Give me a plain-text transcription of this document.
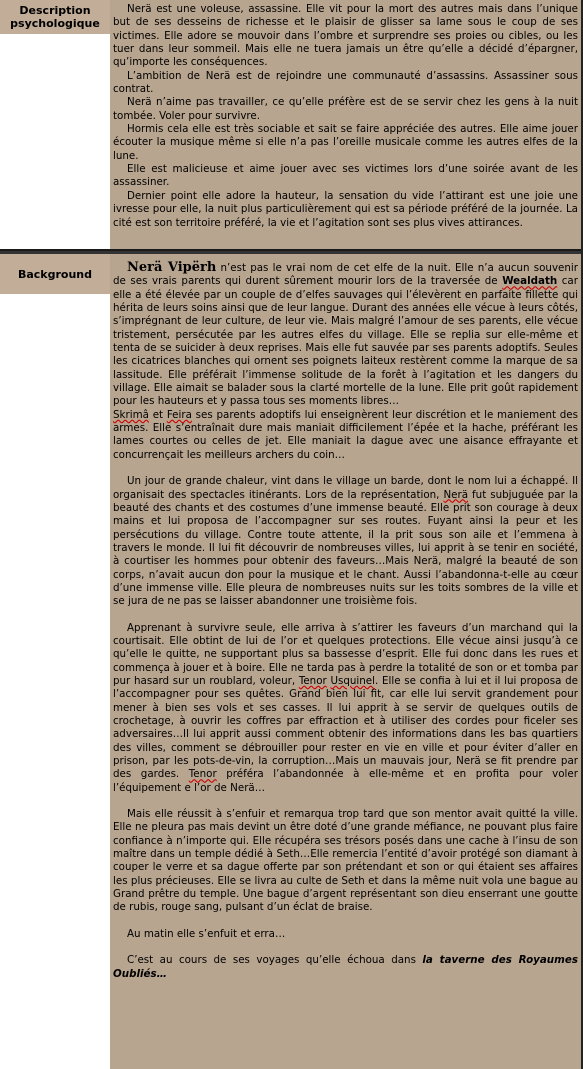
Description
psychologique

Nerä est une voleuse, assassine. Elle vit pour la mort des autres mais dans l’unique but de ses desseins de richesse et le plaisir de glisser sa lame sous le coup de ses victimes. Elle adore se mouvoir dans l’ombre et surprendre ses proies ou cibles, ou les tuer dans leur sommeil. Mais elle ne tuera jamais un être qu’elle a décidé d’épargner, qu’importe les conséquences.

L’ambition de Nerä est de rejoindre une communauté d’assassins. Assassiner sous contrat.

Nerä n’aime pas travailler, ce qu’elle préfère est de se servir chez les gens à la nuit tombée. Voler pour survivre.

Hormis cela elle est très sociable et sait se faire appréciée des autres. Elle aime jouer écouter la musique même si elle n’a pas l’oreille musicale comme les autres elfes de la lune.

Elle est malicieuse et aime jouer avec ses victimes lors d’une soirée avant de les assassiner.

Dernier point elle adore la hauteur, la sensation du vide l’attirant est une joie une ivresse pour elle, la nuit plus particulièrement qui est sa période préféré de la journée. La cité est son territoire préféré, la vie et l’agitation sont ses plus vives attirances.

Background	Nerä Vipërh n’est pas le vrai nom de cet elfe de la nuit. Elle n’a aucun souvenir de ses vrais parents qui durent sûrement mourir lors de la traversée de Wealdath car elle a été élevée par un couple de d’elfes sauvages qui l’élevèrent en parfaite fillette qui hérita de leurs soins ainsi que de leur langue. Durant des années elle vécue à leurs côtés, s’imprégnant de leur culture, de leur vie. Mais malgré l’amour de ses parents, elle vécue tristement, persécutée par les autres elfes du village. Elle se replia sur elle-même et tenta de se suicider à deux reprises. Mais elle fut sauvée par ses parents adoptifs. Seules les cicatrices blanches qui ornent ses poignets laiteux restèrent comme la marque de sa lassitude. Elle préférait l’immense solitude de la forêt à l’agitation et les dangers du village. Elle aimait se balader sous la clarté mortelle de la lune. Elle prit goût rapidement pour les hauteurs et y passa tous ses moments libres…

Skrimâ et Feira ses parents adoptifs lui enseignèrent leur discrétion et le maniement des armes. Elle s’entraînait dure mais maniait difficilement l’épée et la hache, préférant les lames courtes ou celles de jet. Elle maniait la dague avec une aisance effrayante et concurrençait les meilleurs archers du coin…

Un jour de grande chaleur, vint dans le village un barde, dont le nom lui a échappé. Il organisait des spectacles itinérants. Lors de la représentation, Nerä fut subjuguée par la beauté des chants et des costumes d’une immense beauté. Elle prit son courage à deux mains et lui proposa de l’accompagner sur ses routes. Fuyant ainsi la peur et les persécutions du village. Contre toute attente, il la prit sous son aile et l’emmena à travers le monde. Il lui fit découvrir de nombreuses villes, lui apprit à se tenir en société, à courtiser les hommes pour obtenir des faveurs…Mais Nerä, malgré la beauté de son corps, n’avait aucun don pour la musique et le chant. Aussi l’abandonna-t-elle au cœur d’une immense ville. Elle pleura de nombreuses nuits sur les toits sombres de la ville et se jura de ne pas se laisser abandonner une troisième fois.

Apprenant à survivre seule, elle arriva à s’attirer les faveurs d’un marchand qui la courtisait. Elle obtint de lui de l’or et quelques protections. Elle vécue ainsi jusqu’à ce qu’elle le quitte, ne supportant plus sa bassesse d’esprit. Elle fui donc dans les rues et commença à jouer et à boire. Elle ne tarda pas à perdre la totalité de son or et tomba par pur hasard sur un roublard, voleur, Tenor Usquinel. Elle se confia à lui et il lui proposa de l’accompagner pour ses quêtes. Grand bien lui fit, car elle lui servit grandement pour mener à bien ses vols et ses casses. Il lui apprit à se servir de quelques outils de crochetage, à ouvrir les coffres par effraction et à utiliser des cordes pour ficeler ses adversaires…Il lui apprit aussi comment obtenir des informations dans les bas quartiers des villes, comment se débrouiller pour rester en vie en ville et pour éviter d’aller en prison, par les pots-de-vin, la corruption…Mais un mauvais jour, Nerä se fit prendre par des gardes. Tenor préféra l’abandonnée à elle-même et en profita pour voler l’équipement e l’or de Nerä…

Mais elle réussit à s’enfuir et remarqua trop tard que son mentor avait quitté la ville. Elle ne pleura pas mais devint un être doté d’une grande méfiance, ne pouvant plus faire confiance à n’importe qui. Elle récupéra ses trésors posés dans une cache à l’insu de son maître dans un temple dédié à Seth…Elle remercia l’entité d’avoir protégé son diamant à couper le verre et sa dague offerte par son prétendant et son or qui étaient ses affaires les plus précieuses. Elle se livra au culte de Seth et dans la même nuit vola une bague au Grand prêtre du temple. Une bague d’argent représentant son dieu enserrant une goutte de rubis, rouge sang, pulsant d’un éclat de braise.

Au matin elle s’enfuit et erra…

C’est au cours de ses voyages qu’elle échoua dans la taverne des Royaumes Oubliés…
